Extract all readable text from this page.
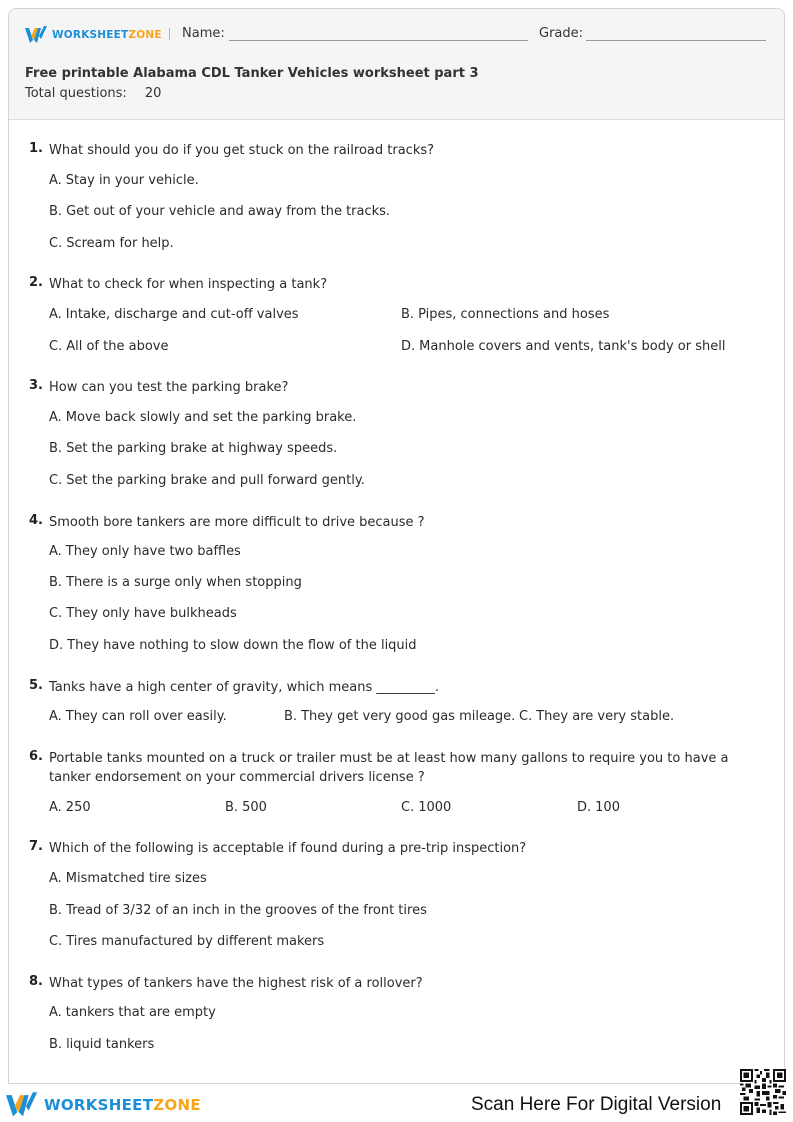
WORKSHEETZONE Name:	Grade:
Free printable Alabama CDL Tanker Vehicles worksheet part 3
Total questions: 20
1. What should you do if you get stuck on the railroad tracks?
A. Stay in your vehicle.
B. Get out of your vehicle and away from the tracks.
C. Scream for help.
2. What to check for when inspecting a tank?
A. Intake, discharge and cut-off valves	B. Pipes, connections and hoses
C. All of the above	D. Manhole covers and vents, tank's body or shell
3. How can you test the parking brake?
A. Move back slowly and set the parking brake.
B. Set the parking brake at highway speeds.
C. Set the parking brake and pull forward gently.
4. Smooth bore tankers are more difficult to drive because ?
A. They only have two baffles
B. There is a surge only when stopping
C. They only have bulkheads
D. They have nothing to slow down the flow of the liquid
5. Tanks have a high center of gravity, which means _________.
A. They can roll over easily.	B. They get very good gas mileage. C. They are very stable.
6. Portable tanks mounted on a truck or trailer must be at least how many gallons to require you to have a tanker endorsement on your commercial drivers license ?
A. 250	B. 500	C. 1000	D. 100
7. Which of the following is acceptable if found during a pre-trip inspection?
A. Mismatched tire sizes
B. Tread of 3/32 of an inch in the grooves of the front tires
C. Tires manufactured by different makers
8. What types of tankers have the highest risk of a rollover?
A. tankers that are empty
B. liquid tankers
WORKSHEETZONE	Scan Here For Digital Version
